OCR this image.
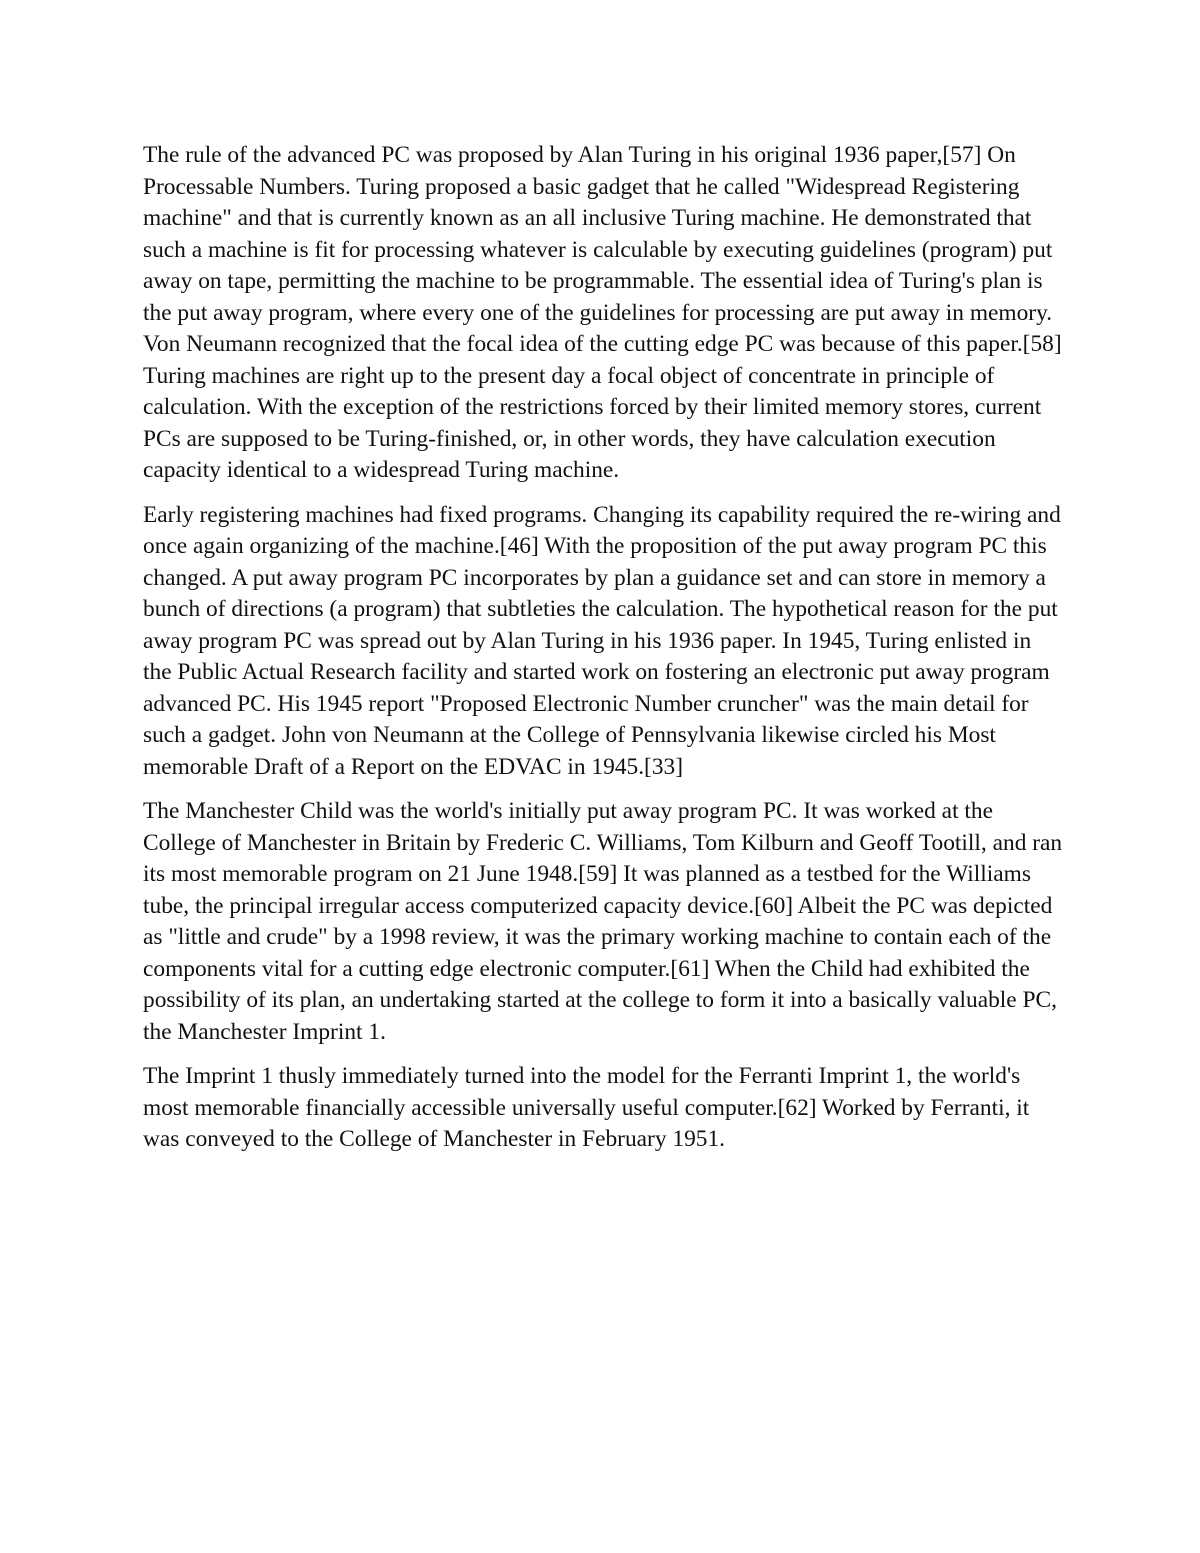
The rule of the advanced PC was proposed by Alan Turing in his original 1936 paper,[57] On Processable Numbers. Turing proposed a basic gadget that he called "Widespread Registering machine" and that is currently known as an all inclusive Turing machine. He demonstrated that such a machine is fit for processing whatever is calculable by executing guidelines (program) put away on tape, permitting the machine to be programmable. The essential idea of Turing's plan is the put away program, where every one of the guidelines for processing are put away in memory. Von Neumann recognized that the focal idea of the cutting edge PC was because of this paper.[58] Turing machines are right up to the present day a focal object of concentrate in principle of calculation. With the exception of the restrictions forced by their limited memory stores, current PCs are supposed to be Turing-finished, or, in other words, they have calculation execution capacity identical to a widespread Turing machine.

Early registering machines had fixed programs. Changing its capability required the re-wiring and once again organizing of the machine.[46] With the proposition of the put away program PC this changed. A put away program PC incorporates by plan a guidance set and can store in memory a bunch of directions (a program) that subtleties the calculation. The hypothetical reason for the put away program PC was spread out by Alan Turing in his 1936 paper. In 1945, Turing enlisted in the Public Actual Research facility and started work on fostering an electronic put away program advanced PC. His 1945 report "Proposed Electronic Number cruncher" was the main detail for such a gadget. John von Neumann at the College of Pennsylvania likewise circled his Most memorable Draft of a Report on the EDVAC in 1945.[33]

The Manchester Child was the world's initially put away program PC. It was worked at the College of Manchester in Britain by Frederic C. Williams, Tom Kilburn and Geoff Tootill, and ran its most memorable program on 21 June 1948.[59] It was planned as a testbed for the Williams tube, the principal irregular access computerized capacity device.[60] Albeit the PC was depicted as "little and crude" by a 1998 review, it was the primary working machine to contain each of the components vital for a cutting edge electronic computer.[61] When the Child had exhibited the possibility of its plan, an undertaking started at the college to form it into a basically valuable PC, the Manchester Imprint 1.

The Imprint 1 thusly immediately turned into the model for the Ferranti Imprint 1, the world's most memorable financially accessible universally useful computer.[62] Worked by Ferranti, it was conveyed to the College of Manchester in February 1951.
